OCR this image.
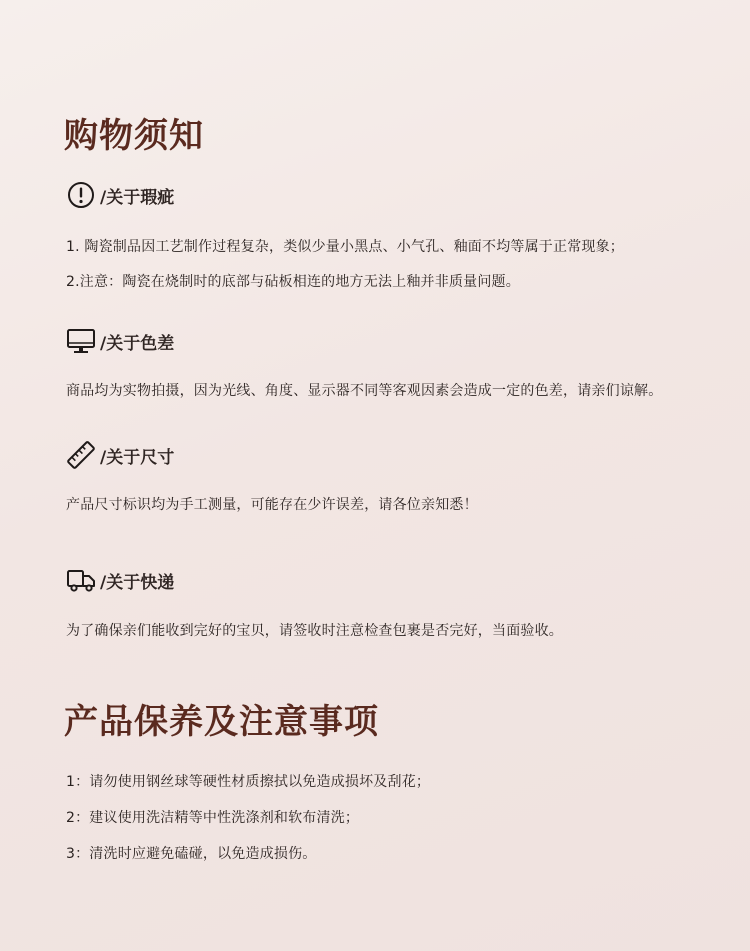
购物须知
/关于瑕疵
1. 陶瓷制品因工艺制作过程复杂，类似少量小黑点、小气孔、釉面不均等属于正常现象；
2.注意：陶瓷在烧制时的底部与砧板相连的地方无法上釉并非质量问题。
/关于色差
商品均为实物拍摄，因为光线、角度、显示器不同等客观因素会造成一定的色差，请亲们谅解。
/关于尺寸
产品尺寸标识均为手工测量，可能存在少许误差，请各位亲知悉！
/关于快递
为了确保亲们能收到完好的宝贝，请签收时注意检查包裹是否完好，当面验收。
产品保养及注意事项
1：请勿使用钢丝球等硬性材质擦拭以免造成损坏及刮花；
2：建议使用洗洁精等中性洗涤剂和软布清洗；
3：清洗时应避免磕碰，以免造成损伤。
